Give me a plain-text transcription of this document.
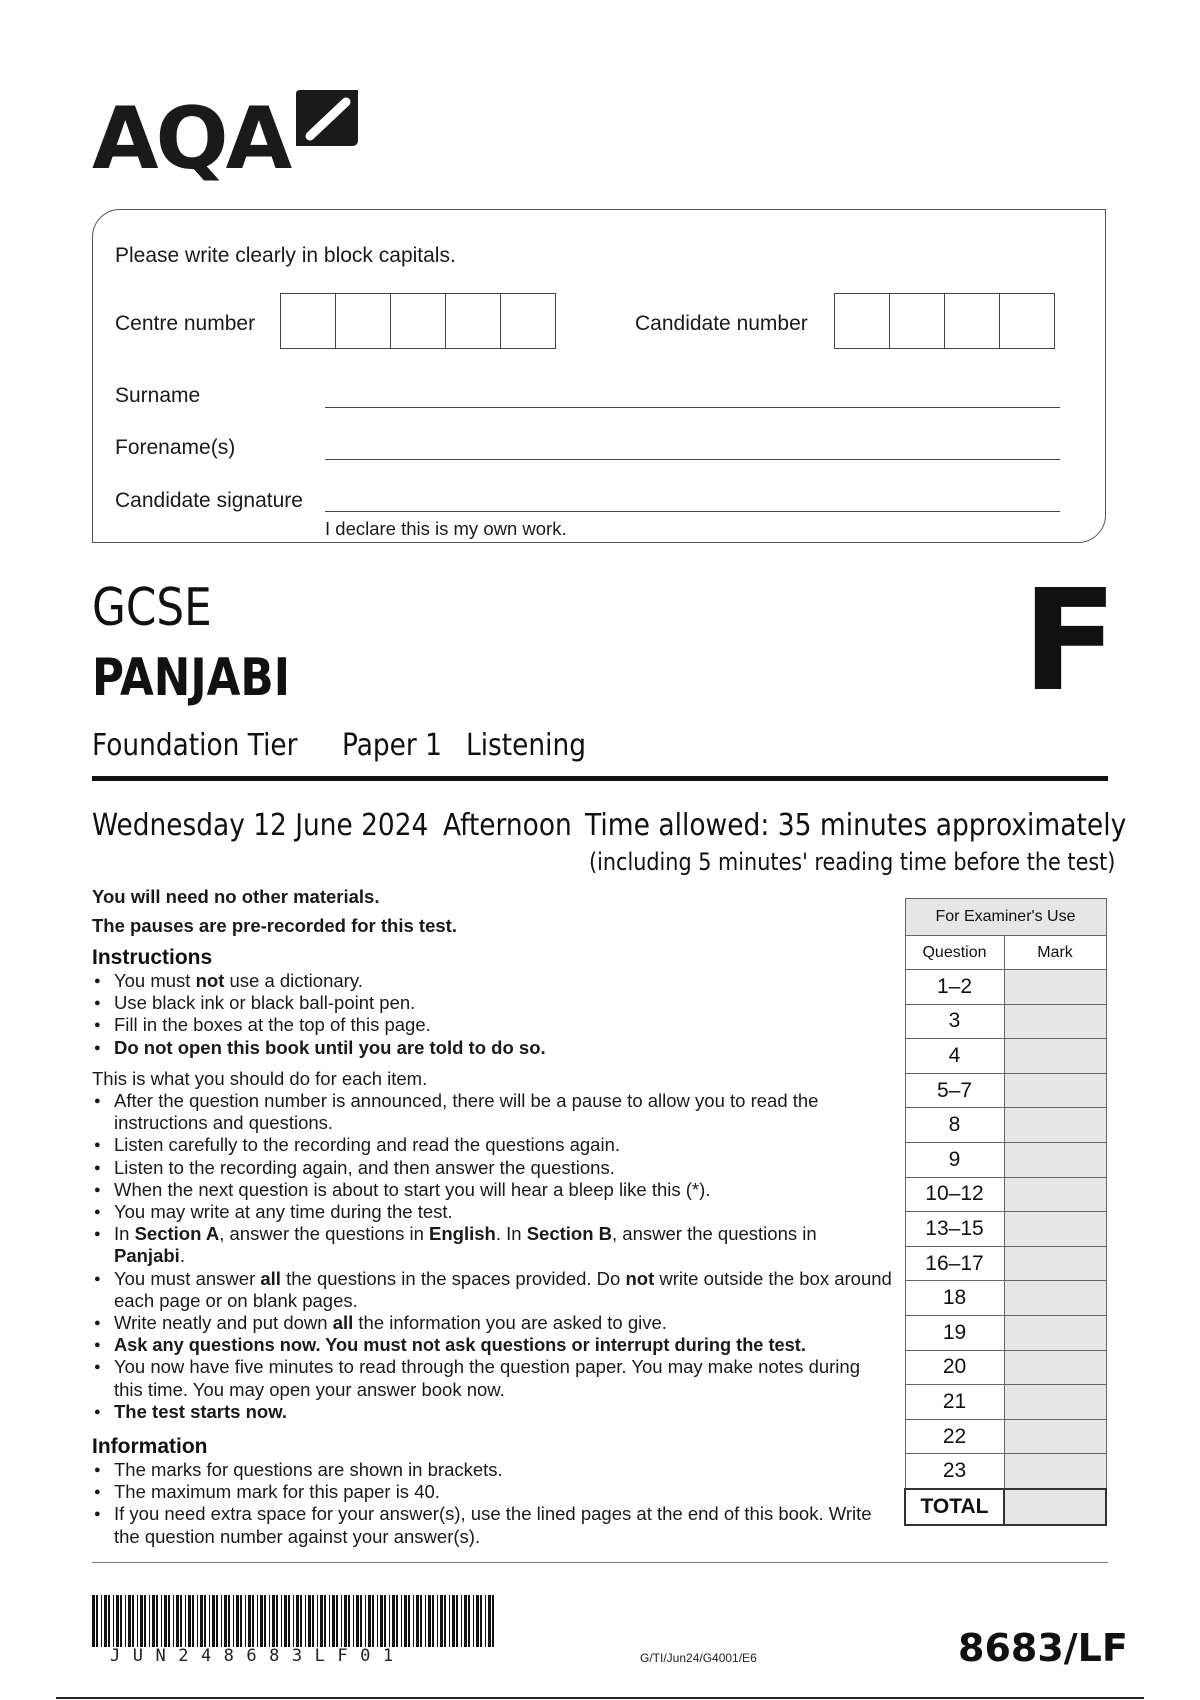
AQA
Please write clearly in block capitals.
Centre number	Candidate number
Surname
Forename(s)
Candidate signature
I declare this is my own work.
GCSE
PANJABI
Foundation Tier Paper 1 Listening
F
Wednesday 12 June 2024 Afternoon Time allowed: 35 minutes approximately
(including 5 minutes' reading time before the test)
You will need no other materials.
The pauses are pre-recorded for this test.
Instructions
● You must not use a dictionary.
● Use black ink or black ball-point pen.
● Fill in the boxes at the top of this page.
● Do not open this book until you are told to do so.
This is what you should do for each item.
● After the question number is announced, there will be a pause to allow you to read the instructions and questions.
● Listen carefully to the recording and read the questions again.
● Listen to the recording again, and then answer the questions.
● When the next question is about to start you will hear a bleep like this (*).
● You may write at any time during the test.
● In Section A, answer the questions in English. In Section B, answer the questions in Panjabi.
● You must answer all the questions in the spaces provided. Do not write outside the box around each page or on blank pages.
● Write neatly and put down all the information you are asked to give.
● Ask any questions now. You must not ask questions or interrupt during the test.
● You now have five minutes to read through the question paper. You may make notes during this time. You may open your answer book now.
● The test starts now.
Information
● The marks for questions are shown in brackets.
● The maximum mark for this paper is 40.
● If you need extra space for your answer(s), use the lined pages at the end of this book. Write the question number against your answer(s).
For Examiner's Use	
Question	Mark
1–2	
3	
4	
5–7	
8	
9	
10–12	
13–15	
16–17	
18	
19	
20	
21	
22	
23	
TOTAL	
JUN248683LF01	G/TI/Jun24/G4001/E6	8683/LF
